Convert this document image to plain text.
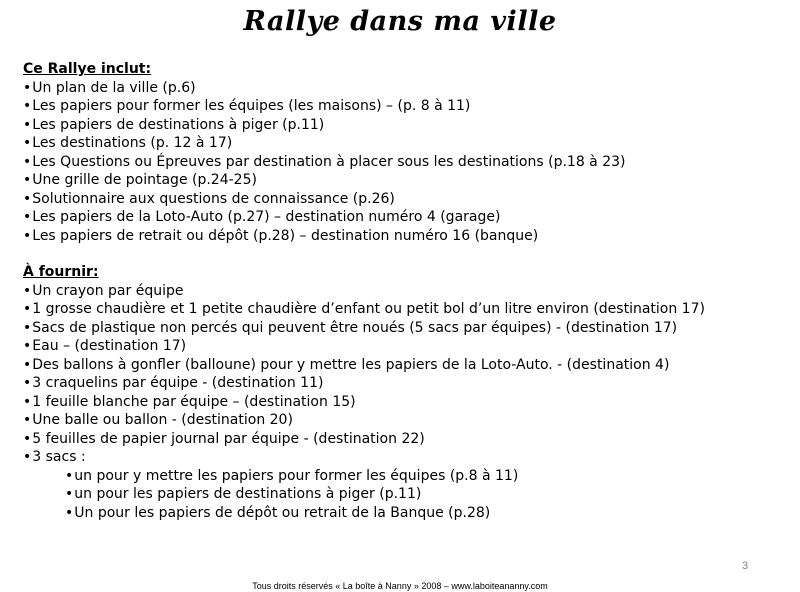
Rallye dans ma ville
Ce Rallye inclut:
•Un plan de la ville (p.6)
•Les papiers pour former les équipes (les maisons) – (p. 8 à 11)
•Les papiers de destinations à piger (p.11)
•Les destinations (p. 12 à 17)
•Les Questions ou Épreuves par destination à placer sous les destinations (p.18 à 23)
•Une grille de pointage (p.24-25)
•Solutionnaire aux questions de connaissance (p.26)
•Les papiers de la Loto-Auto (p.27) – destination numéro 4 (garage)
•Les papiers de retrait ou dépôt (p.28) – destination numéro 16 (banque)
À fournir:
•Un crayon par équipe
•1 grosse chaudière et 1 petite chaudière d’enfant ou petit bol d’un litre environ (destination 17)
•Sacs de plastique non percés qui peuvent être noués (5 sacs par équipes) - (destination 17)
•Eau – (destination 17)
•Des ballons à gonfler (balloune) pour y mettre les papiers de la Loto-Auto. - (destination 4)
•3 craquelins par équipe - (destination 11)
•1 feuille blanche par équipe – (destination 15)
•Une balle ou ballon - (destination 20)
•5 feuilles de papier journal par équipe - (destination 22)
•3 sacs :
•un pour y mettre les papiers pour former les équipes (p.8 à 11)
•un pour les papiers de destinations à piger (p.11)
•Un pour les papiers de dépôt ou retrait de la Banque (p.28)
3
Tous droits réservés « La boîte à Nanny » 2008 – www.laboiteananny.com
